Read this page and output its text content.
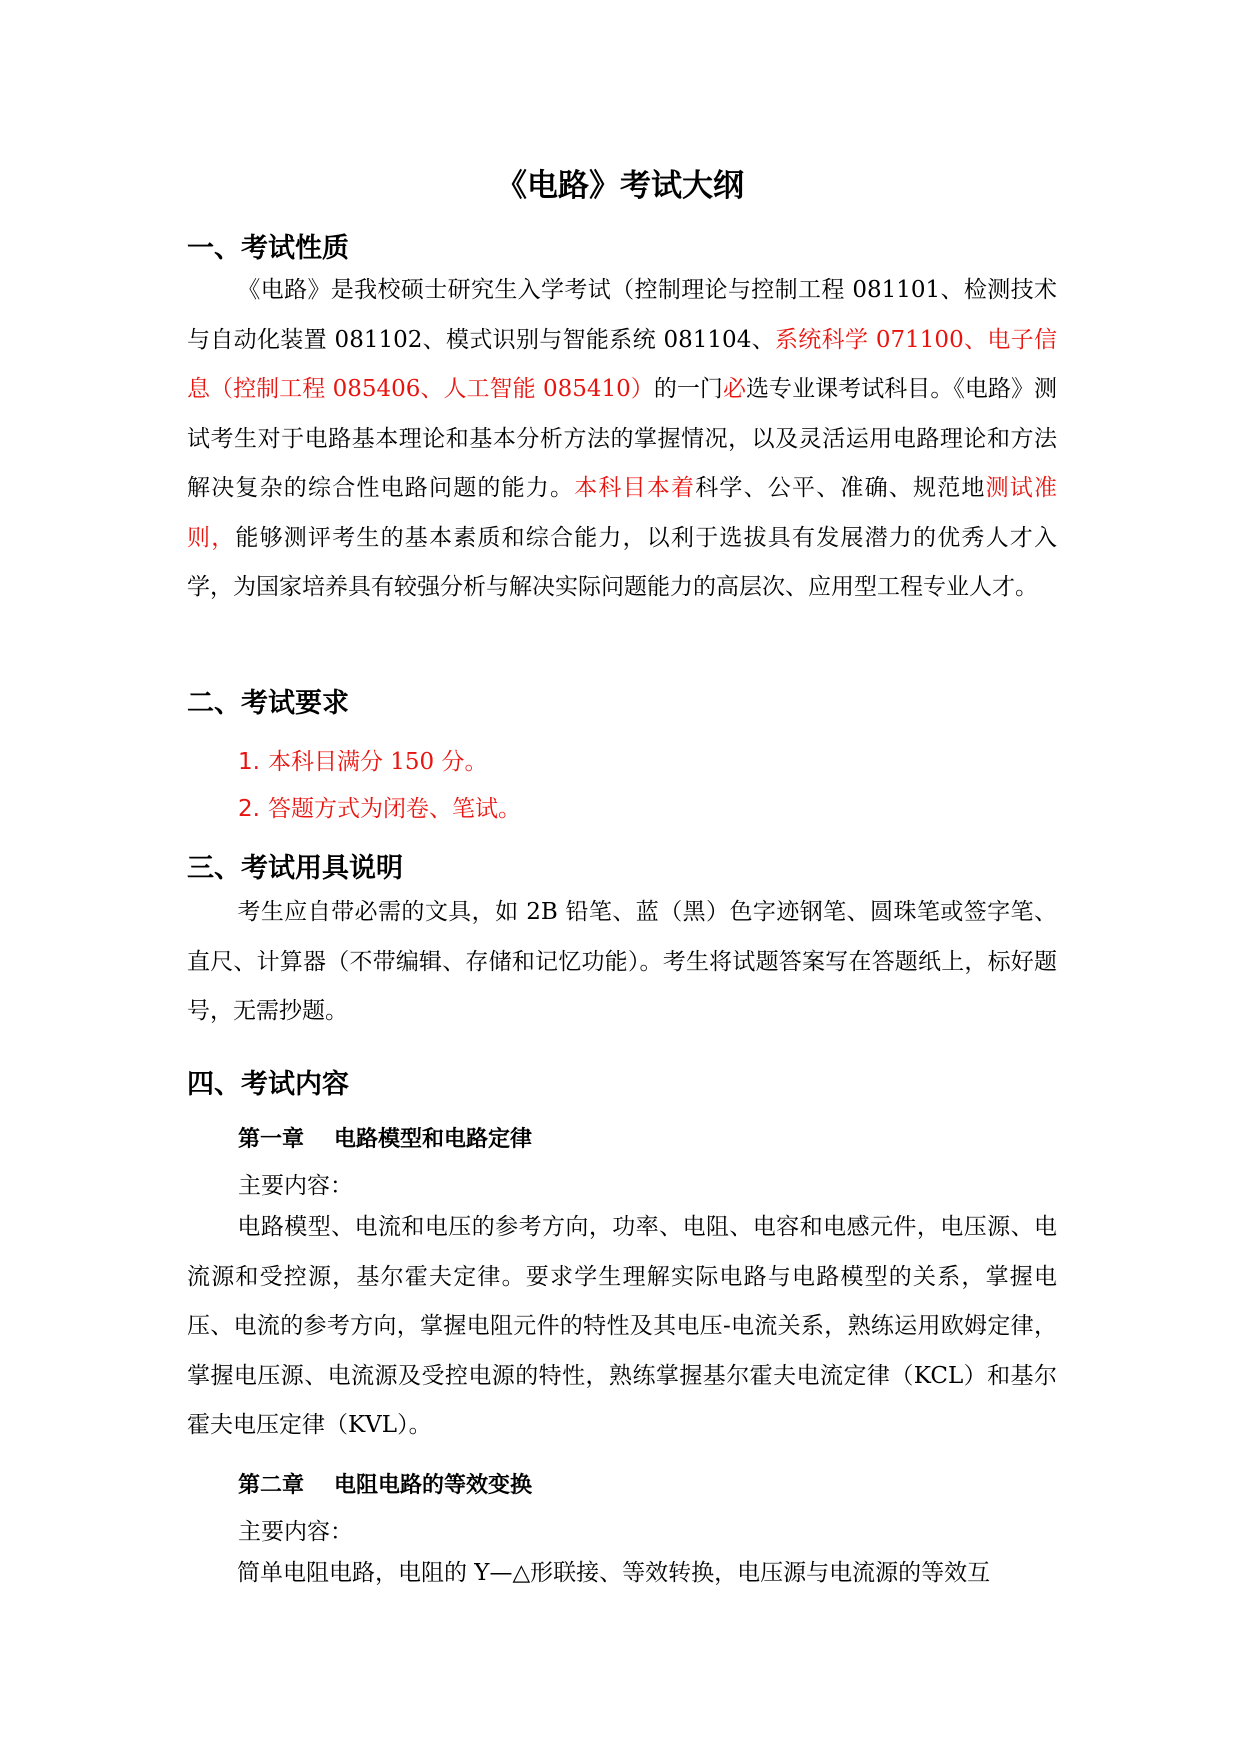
《电路》考试大纲
一、考试性质
《电路》是我校硕士研究生入学考试（控制理论与控制工程 081101、检测技术与自动化装置 081102、模式识别与智能系统 081104、系统科学 071100、电子信息（控制工程 085406、人工智能 085410）的一门必选专业课考试科目。《电路》测试考生对于电路基本理论和基本分析方法的掌握情况，以及灵活运用电路理论和方法解决复杂的综合性电路问题的能力。本科目本着科学、公平、准确、规范地测试准则，能够测评考生的基本素质和综合能力，以利于选拔具有发展潜力的优秀人才入学，为国家培养具有较强分析与解决实际问题能力的高层次、应用型工程专业人才。
二、考试要求
1. 本科目满分 150 分。
2. 答题方式为闭卷、笔试。
三、考试用具说明
考生应自带必需的文具，如 2B 铅笔、蓝（黑）色字迹钢笔、圆珠笔或签字笔、直尺、计算器（不带编辑、存储和记忆功能）。考生将试题答案写在答题纸上，标好题号，无需抄题。
四、考试内容
第一章 电路模型和电路定律
主要内容：
电路模型、电流和电压的参考方向，功率、电阻、电容和电感元件，电压源、电流源和受控源，基尔霍夫定律。要求学生理解实际电路与电路模型的关系，掌握电压、电流的参考方向，掌握电阻元件的特性及其电压-电流关系，熟练运用欧姆定律，掌握电压源、电流源及受控电源的特性，熟练掌握基尔霍夫电流定律（KCL）和基尔霍夫电压定律（KVL）。
第二章 电阻电路的等效变换
主要内容：
简单电阻电路，电阻的 Y—△形联接、等效转换，电压源与电流源的等效互
